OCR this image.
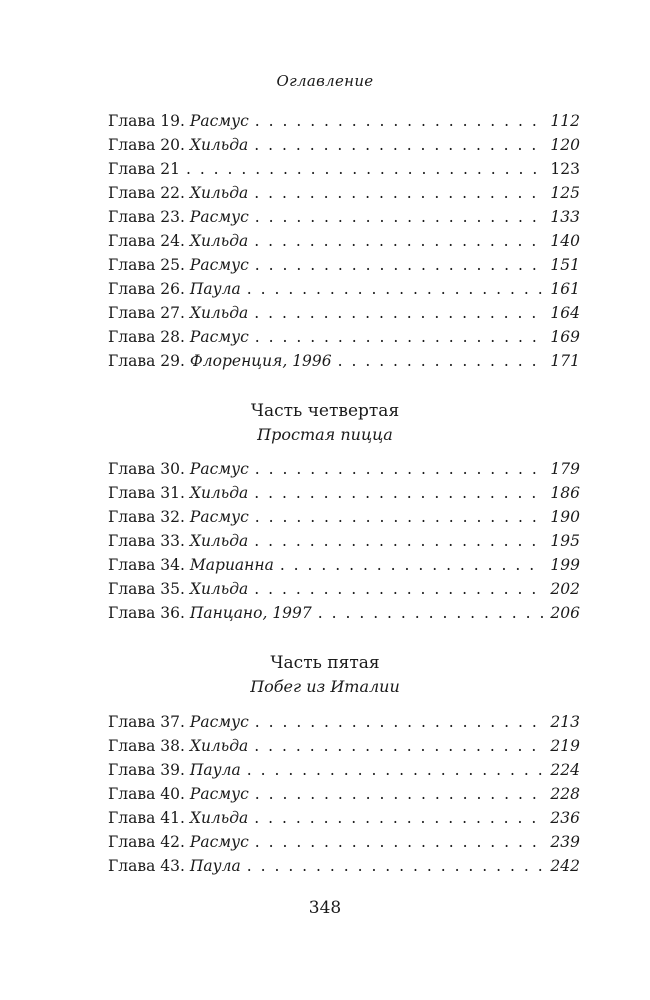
Оглавление
Глава 19. Расмус . . .	112
Глава 20. Хильда . . .	120
Глава 21 . . .	123
Глава 22. Хильда . . .	125
Глава 23. Расмус . . .	133
Глава 24. Хильда . . .	140
Глава 25. Расмус . . .	151
Глава 26. Паула . . .	161
Глава 27. Хильда . . .	164
Глава 28. Расмус . . .	169
Глава 29. Флоренция, 1996 . . .	171
Часть четвертая
Простая пицца
Глава 30. Расмус . . .	179
Глава 31. Хильда . . .	186
Глава 32. Расмус . . .	190
Глава 33. Хильда . . .	195
Глава 34. Марианна . . .	199
Глава 35. Хильда . . .	202
Глава 36. Панцано, 1997 . . .	206
Часть пятая
Побег из Италии
Глава 37. Расмус . . .	213
Глава 38. Хильда . . .	219
Глава 39. Паула . . .	224
Глава 40. Расмус . . .	228
Глава 41. Хильда . . .	236
Глава 42. Расмус . . .	239
Глава 43. Паула . . .	242
348
